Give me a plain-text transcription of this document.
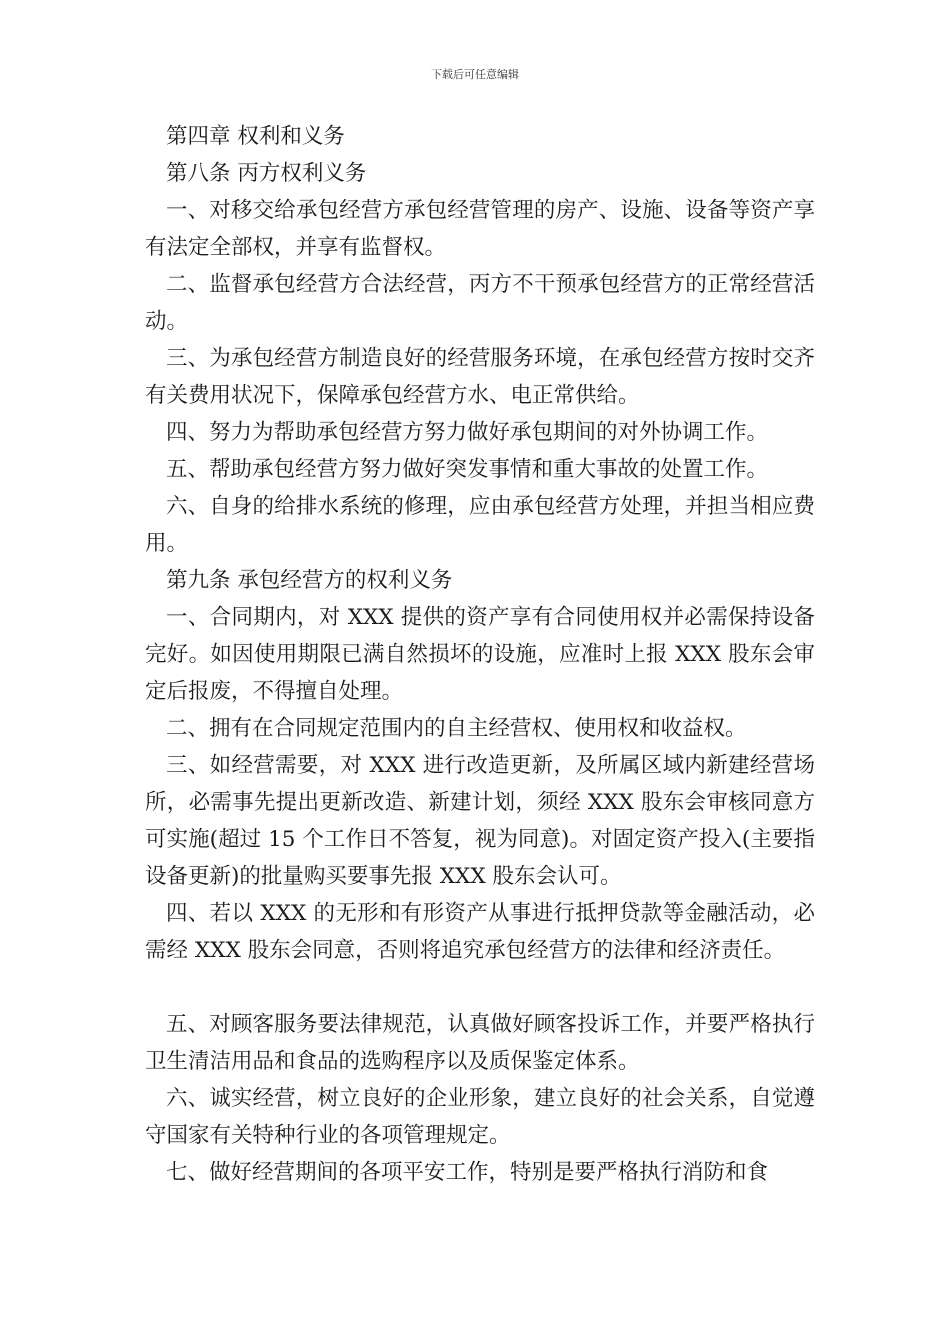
下载后可任意编辑

第四章 权利和义务

第八条 丙方权利义务

一、对移交给承包经营方承包经营管理的房产、设施、设备等资产享有法定全部权，并享有监督权。

二、监督承包经营方合法经营，丙方不干预承包经营方的正常经营活动。

三、为承包经营方制造良好的经营服务环境，在承包经营方按时交齐有关费用状况下，保障承包经营方水、电正常供给。

四、努力为帮助承包经营方努力做好承包期间的对外协调工作。

五、帮助承包经营方努力做好突发事情和重大事故的处置工作。

六、自身的给排水系统的修理，应由承包经营方处理，并担当相应费用。

第九条 承包经营方的权利义务

一、合同期内，对 XXX 提供的资产享有合同使用权并必需保持设备完好。如因使用期限已满自然损坏的设施，应准时上报 XXX 股东会审定后报废，不得擅自处理。

二、拥有在合同规定范围内的自主经营权、使用权和收益权。

三、如经营需要，对 XXX 进行改造更新，及所属区域内新建经营场所，必需事先提出更新改造、新建计划，须经 XXX 股东会审核同意方可实施(超过 15 个工作日不答复，视为同意)。对固定资产投入(主要指设备更新)的批量购买要事先报 XXX 股东会认可。

四、若以 XXX 的无形和有形资产从事进行抵押贷款等金融活动，必需经 XXX 股东会同意，否则将追究承包经营方的法律和经济责任。

五、对顾客服务要法律规范，认真做好顾客投诉工作，并要严格执行卫生清洁用品和食品的选购程序以及质保鉴定体系。

六、诚实经营，树立良好的企业形象，建立良好的社会关系，自觉遵守国家有关特种行业的各项管理规定。

七、做好经营期间的各项平安工作，特别是要严格执行消防和食
